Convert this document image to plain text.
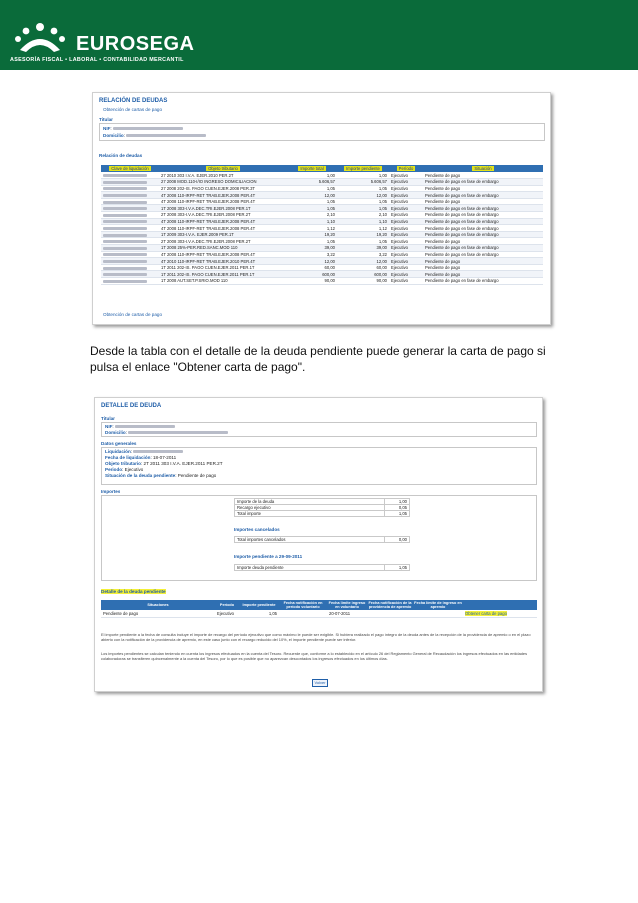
EUROSEGA
ASESORÍA FISCAL • LABORAL • CONTABILIDAD MERCANTIL
RELACIÓN DE DEUDAS
Obtención de cartas de pago
Titular
NIF:
Domicilio:
Relación de deudas
Clave de liquidación	Objeto tributario	Importe total	Importe pendiente	Período	Situación
	27 2010 303 I.V.A. EJER.2010 PER.2T	1,00	1,00	Ejecutivo	Pendiente de pago
	27 2008 MOD.110-I/IO INGRESO DOMICILIACION	5.606,57	5.606,57	Ejecutivo	Pendiente de pago en fase de embargo
	27 2008 202-IS. PAGO CUEN.EJER.2008 PER.3T	1,05	1,05	Ejecutivo	Pendiente de pago
	4T 2008 110-IRPF-RET TRAB.EJER.2008 PER.4T	12,00	12,00	Ejecutivo	Pendiente de pago en fase de embargo
	4T 2008 110-IRPF-RET TRAB.EJER.2008 PER.4T	1,05	1,05	Ejecutivo	Pendiente de pago
	1T 2008 303-I.V.A.DEC.TRI.EJER.2008 PER.1T	1,05	1,05	Ejecutivo	Pendiente de pago en fase de embargo
	2T 2008 303-I.V.A.DEC.TRI.EJER.2008 PER.2T	2,10	2,10	Ejecutivo	Pendiente de pago en fase de embargo
	4T 2008 110-IRPF-RET TRAB.EJER.2008 PER.4T	1,10	1,10	Ejecutivo	Pendiente de pago en fase de embargo
	4T 2008 110-IRPF-RET TRAB.EJER.2008 PER.4T	1,12	1,12	Ejecutivo	Pendiente de pago en fase de embargo
	1T 2009 303-I.V.A. EJER.2009 PER.1T	19,20	19,20	Ejecutivo	Pendiente de pago en fase de embargo
	2T 2008 303-I.V.A.DEC.TRI.EJER.2008 PER.2T	1,05	1,05	Ejecutivo	Pendiente de pago
	1T 2008 25%-PER.RED.SANC.MOD 110	39,00	39,00	Ejecutivo	Pendiente de pago en fase de embargo
	4T 2008 110-IRPF-RET TRAB.EJER.2008 PER.4T	3,22	3,22	Ejecutivo	Pendiente de pago en fase de embargo
	4T 2010 110-IRPF-RET TRAB.EJER.2010 PER.4T	12,00	12,00	Ejecutivo	Pendiente de pago
	1T 2011 202-IS. PAGO CUEN.EJER.2011 PER.1T	60,00	60,00	Ejecutivo	Pendiente de pago
	1T 2011 202-IS. PAGO CUEN.EJER.2011 PER.1T	600,00	600,00	Ejecutivo	Pendiente de pago
	1T 2008 AUT.SET.P.SRIO.MOD 110	90,00	90,00	Ejecutivo	Pendiente de pago en fase de embargo
Obtención de cartas de pago
Desde la tabla con el detalle de la deuda pendiente puede generar la carta de pago si pulsa el enlace "Obtener carta de pago".
DETALLE DE DEUDA
Titular
NIF:
Domicilio:
Datos generales
Liquidación:
Fecha de liquidación: 18-07-2011
Objeto tributario: 2T 2011 303 I.V.A. EJER.2011 PER.2T
Periodo: Ejecutivo
Situación de la deuda pendiente: Pendiente de pago
Importes
Importe de la deuda	1,00
Recargo ejecutivo	0,05
Total importe	1,05
Importes cancelados
Total importes cancelados	0,00
Importe pendiente a 29-09-2011
Importe deuda pendiente	1,05
Detalle de la deuda pendiente
Situaciones	Período	Importe pendiente	Fecha notificación en período voluntario	Fecha límite ingreso en voluntario	Fecha notificación de la providencia de apremio	Fecha límite de ingreso en apremio	
Pendiente de pago	Ejecutivo	1,05		20-07-2011			Obtener carta de pago
El importe pendiente a la fecha de consulta incluye el importe de recargo del período ejecutivo que como máximo le puede ser exigible. Si hubiera realizado el pago íntegro de la deuda antes de la recepción de la providencia de apremio o en el plazo abierto con la notificación de la providencia de apremio, en este caso junto con el recargo reducido del 10%, el importe pendiente puede ser inferior.
Los importes pendientes se calculan teniendo en cuenta los ingresos efectuados en la cuenta del Tesoro. Recuerde que, conforme a lo establecido en el artículo 26 del Reglamento General de Recaudación los ingresos efectuados en las entidades colaboradoras se transfieren quincenalmente a la cuenta del Tesoro, por lo que es posible que no aparezcan descontados los ingresos efectuados en los últimos días.
Volver
